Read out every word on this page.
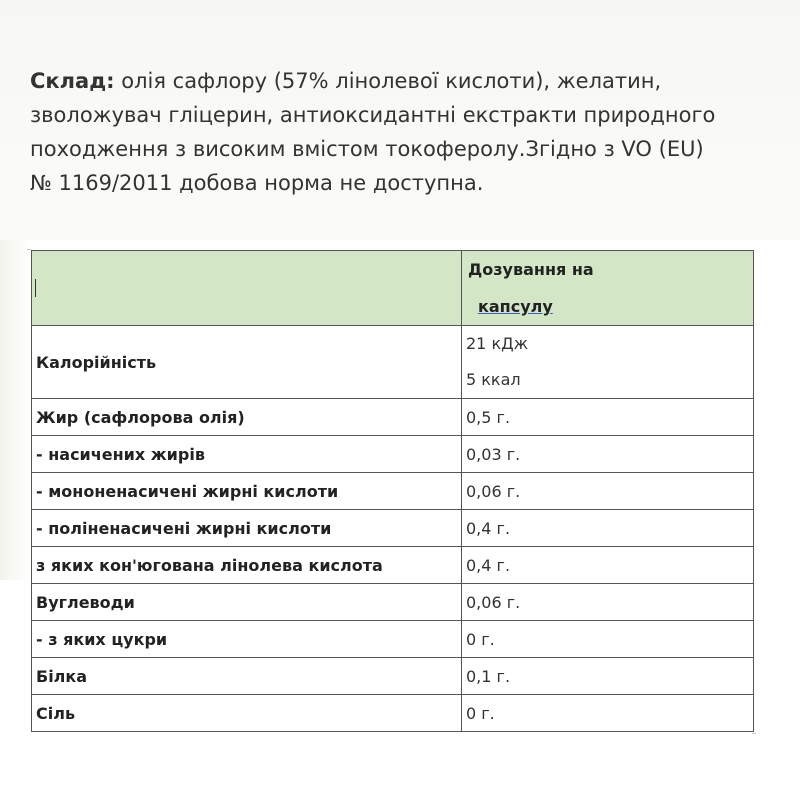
Склад: олія сафлору (57% лінолевої кислоти), желатин,
зволожувач гліцерин, антиоксидантні екстракти природного
походження з високим вмістом токоферолу.Згідно з VO (EU)
№ 1169/2011 добова норма не доступна.

	Дозування на
капсулу

Калорійність	21 кДж
5 ккал

Жир (сафлорова олія)	0,5 г.
- насичених жирів	0,03 г.
- мононенасичені жирні кислоти	0,06 г.
- поліненасичені жирні кислоти	0,4 г.
з яких кон'югована лінолева кислота	0,4 г.
Вуглеводи	0,06 г.
- з яких цукри	0 г.
Білка	0,1 г.
Сіль	0 г.
